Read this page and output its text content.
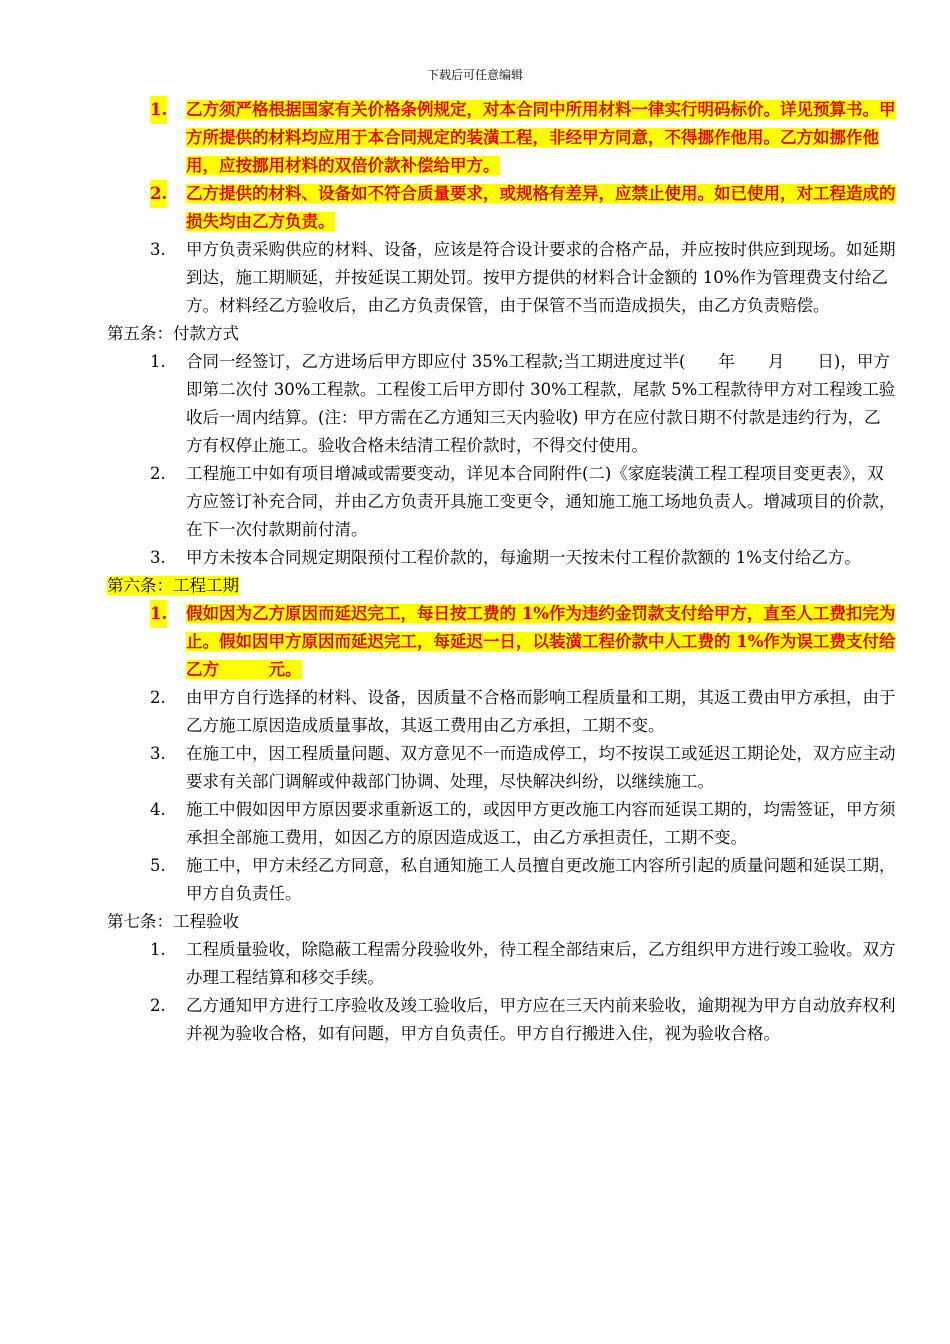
下载后可任意编辑
1. 乙方须严格根据国家有关价格条例规定，对本合同中所用材料一律实行明码标价。详见预算书。甲方所提供的材料均应用于本合同规定的装潢工程，非经甲方同意，不得挪作他用。乙方如挪作他用，应按挪用材料的双倍价款补偿给甲方。
2. 乙方提供的材料、设备如不符合质量要求，或规格有差异，应禁止使用。如已使用，对工程造成的损失均由乙方负责。
3. 甲方负责采购供应的材料、设备，应该是符合设计要求的合格产品，并应按时供应到现场。如延期到达，施工期顺延，并按延误工期处罚。按甲方提供的材料合计金额的 10%作为管理费支付给乙方。材料经乙方验收后，由乙方负责保管，由于保管不当而造成损失，由乙方负责赔偿。
第五条：付款方式
1. 合同一经签订，乙方进场后甲方即应付 35%工程款;当工期进度过半(　　年　　月　　日)，甲方即第二次付 30%工程款。工程俊工后甲方即付 30%工程款，尾款 5%工程款待甲方对工程竣工验收后一周内结算。(注：甲方需在乙方通知三天内验收) 甲方在应付款日期不付款是违约行为，乙方有权停止施工。验收合格未结清工程价款时，不得交付使用。
2. 工程施工中如有项目增减或需要变动，详见本合同附件(二)《家庭装潢工程工程项目变更表》，双方应签订补充合同，并由乙方负责开具施工变更令，通知施工施工场地负责人。增减项目的价款，在下一次付款期前付清。
3. 甲方未按本合同规定期限预付工程价款的，每逾期一天按未付工程价款额的 1%支付给乙方。
第六条：工程工期
1. 假如因为乙方原因而延迟完工，每日按工费的 1%作为违约金罚款支付给甲方，直至人工费扣完为止。假如因甲方原因而延迟完工，每延迟一日，以装潢工程价款中人工费的 1%作为误工费支付给乙方　　　元。
2. 由甲方自行选择的材料、设备，因质量不合格而影响工程质量和工期，其返工费由甲方承担，由于乙方施工原因造成质量事故，其返工费用由乙方承担，工期不变。
3. 在施工中，因工程质量问题、双方意见不一而造成停工，均不按误工或延迟工期论处，双方应主动要求有关部门调解或仲裁部门协调、处理，尽快解决纠纷，以继续施工。
4. 施工中假如因甲方原因要求重新返工的，或因甲方更改施工内容而延误工期的，均需签证，甲方须承担全部施工费用，如因乙方的原因造成返工，由乙方承担责任，工期不变。
5. 施工中，甲方未经乙方同意，私自通知施工人员擅自更改施工内容所引起的质量问题和延误工期，甲方自负责任。
第七条：工程验收
1. 工程质量验收，除隐蔽工程需分段验收外，待工程全部结束后，乙方组织甲方进行竣工验收。双方办理工程结算和移交手续。
2. 乙方通知甲方进行工序验收及竣工验收后，甲方应在三天内前来验收，逾期视为甲方自动放弃权利并视为验收合格，如有问题，甲方自负责任。甲方自行搬进入住，视为验收合格。
